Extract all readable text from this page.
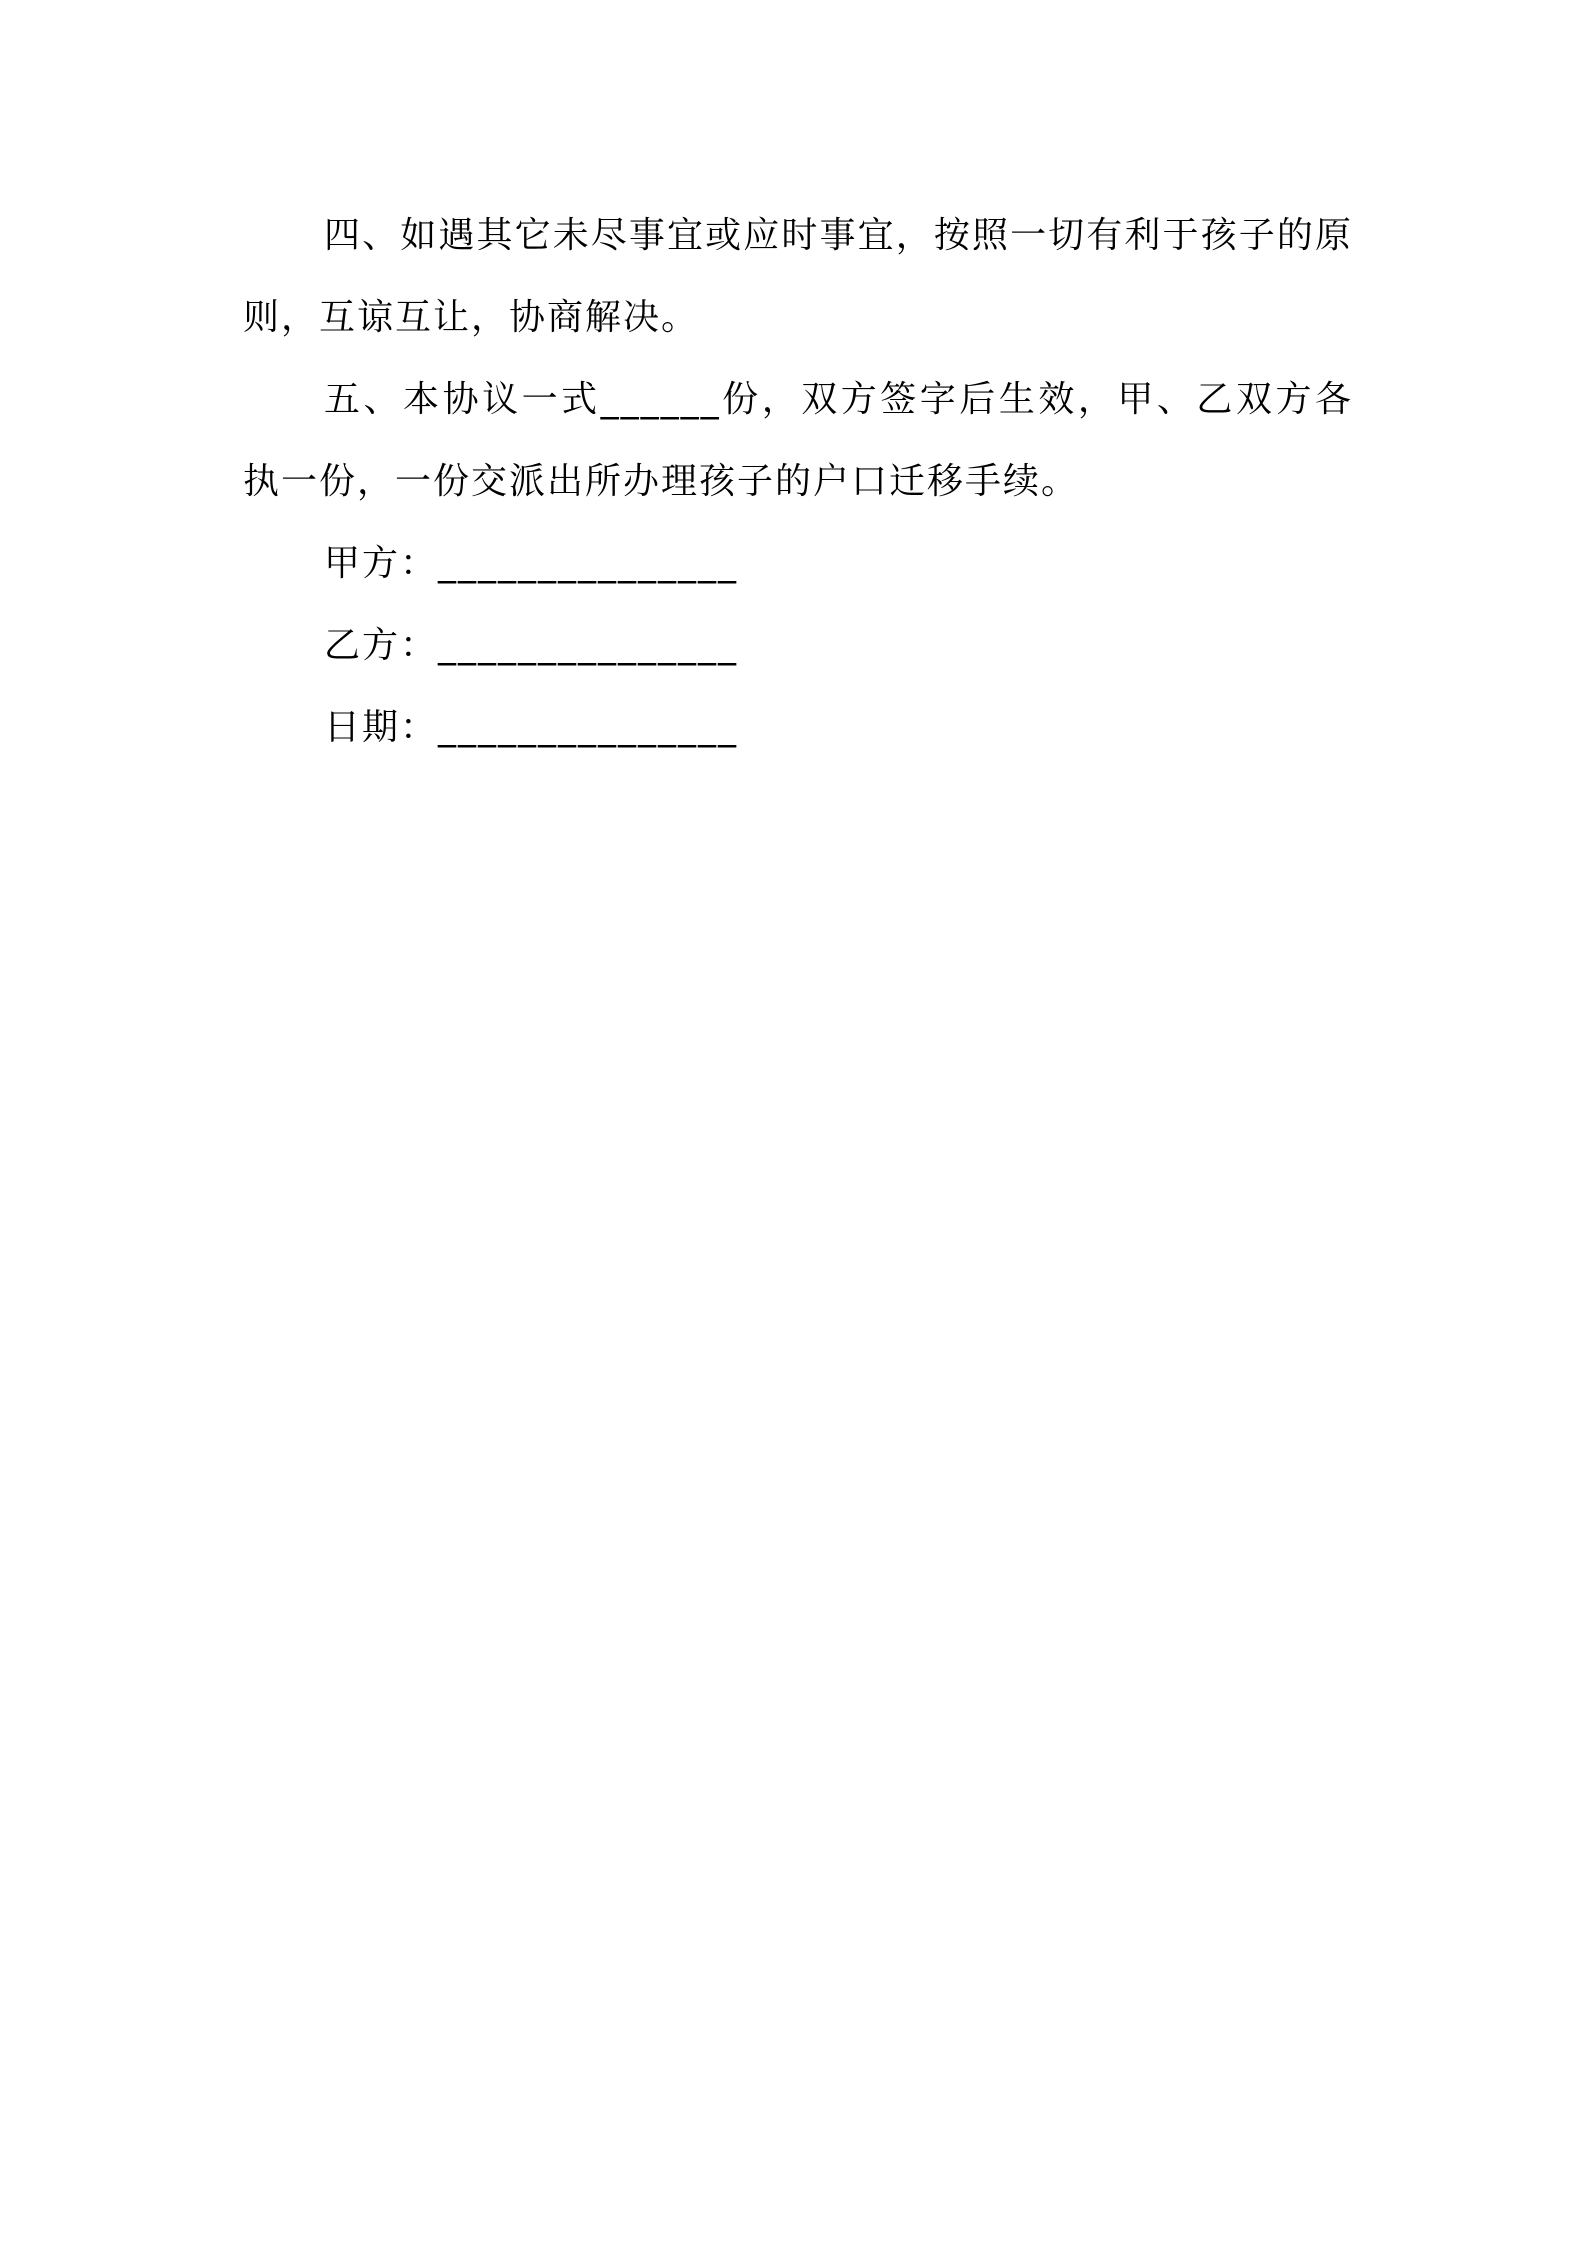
四、如遇其它未尽事宜或应时事宜，按照一切有利于孩子的原则，互谅互让，协商解决。

五、本协议一式______份，双方签字后生效，甲、乙双方各执一份，一份交派出所办理孩子的户口迁移手续。

甲方：_______________

乙方：_______________

日期：_______________
